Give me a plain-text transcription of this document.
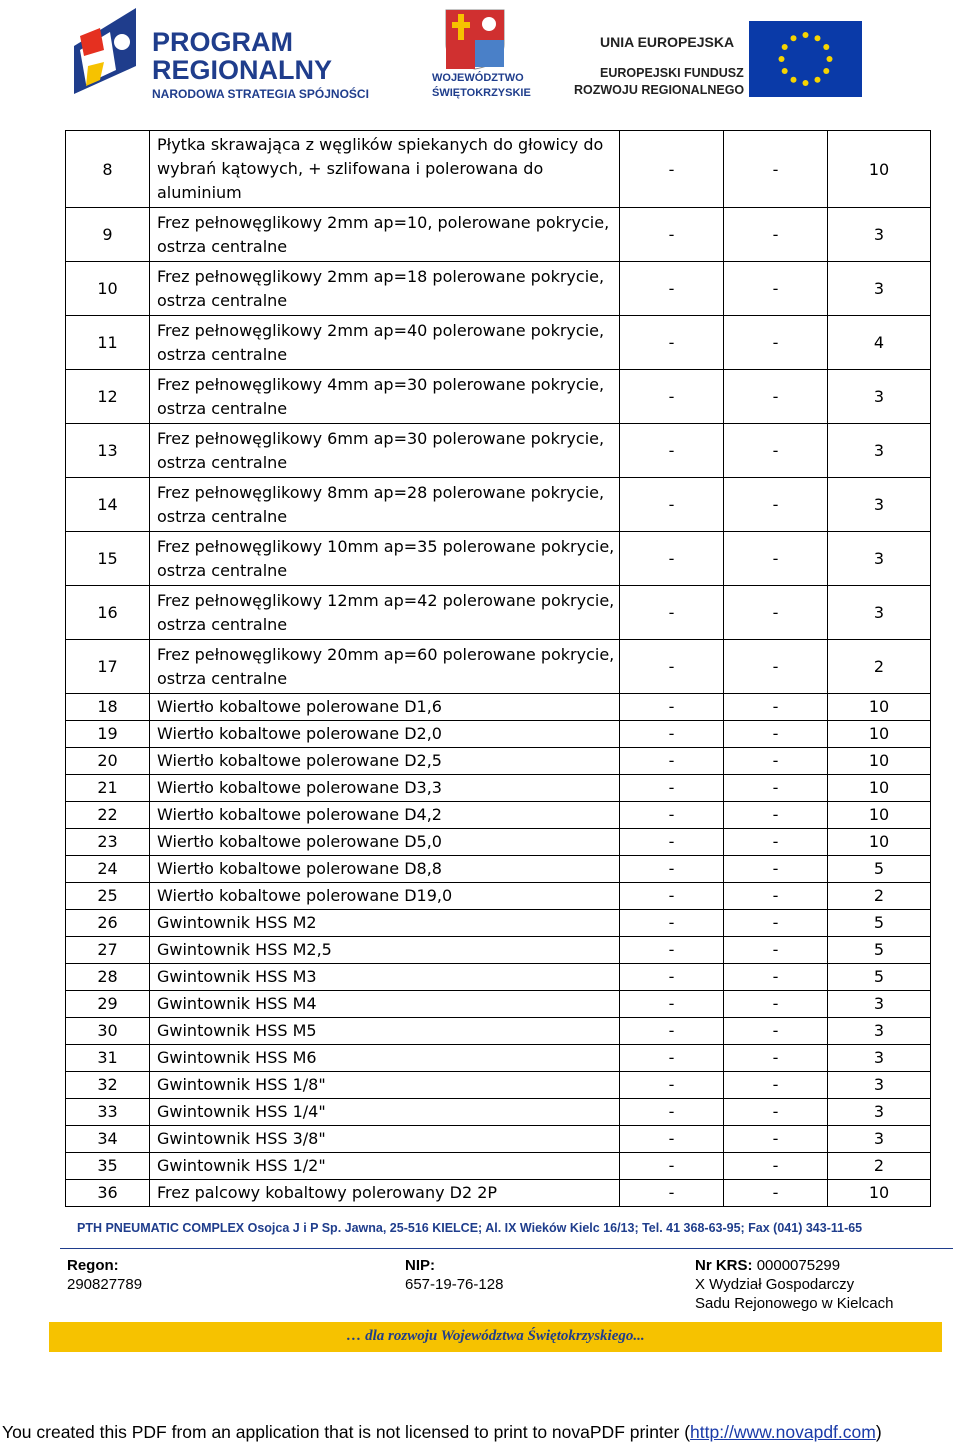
PROGRAM
REGIONALNY
NARODOWA STRATEGIA SPÓJNOŚCI
WOJEWÓDZTWO
ŚWIĘTOKRZYSKIE
UNIA EUROPEJSKA
EUROPEJSKI FUNDUSZ
ROZWOJU REGIONALNEGO
8	Płytka skrawająca z węglików spiekanych do głowicy do wybrań kątowych, + szlifowana i polerowana do aluminium	-	-	10
9	Frez pełnowęglikowy 2mm ap=10, polerowane pokrycie, ostrza centralne	-	-	3
10	Frez pełnowęglikowy 2mm ap=18 polerowane pokrycie, ostrza centralne	-	-	3
11	Frez pełnowęglikowy 2mm ap=40 polerowane pokrycie, ostrza centralne	-	-	4
12	Frez pełnowęglikowy 4mm ap=30 polerowane pokrycie, ostrza centralne	-	-	3
13	Frez pełnowęglikowy 6mm ap=30 polerowane pokrycie, ostrza centralne	-	-	3
14	Frez pełnowęglikowy 8mm ap=28 polerowane pokrycie, ostrza centralne	-	-	3
15	Frez pełnowęglikowy 10mm ap=35 polerowane pokrycie, ostrza centralne	-	-	3
16	Frez pełnowęglikowy 12mm ap=42 polerowane pokrycie, ostrza centralne	-	-	3
17	Frez pełnowęglikowy 20mm ap=60 polerowane pokrycie, ostrza centralne	-	-	2
18	Wiertło kobaltowe polerowane D1,6	-	-	10
19	Wiertło kobaltowe polerowane D2,0	-	-	10
20	Wiertło kobaltowe polerowane D2,5	-	-	10
21	Wiertło kobaltowe polerowane D3,3	-	-	10
22	Wiertło kobaltowe polerowane D4,2	-	-	10
23	Wiertło kobaltowe polerowane D5,0	-	-	10
24	Wiertło kobaltowe polerowane D8,8	-	-	5
25	Wiertło kobaltowe polerowane D19,0	-	-	2
26	Gwintownik HSS M2	-	-	5
27	Gwintownik HSS M2,5	-	-	5
28	Gwintownik HSS M3	-	-	5
29	Gwintownik HSS M4	-	-	3
30	Gwintownik HSS M5	-	-	3
31	Gwintownik HSS M6	-	-	3
32	Gwintownik HSS 1/8"	-	-	3
33	Gwintownik HSS 1/4"	-	-	3
34	Gwintownik HSS 3/8"	-	-	3
35	Gwintownik HSS 1/2"	-	-	2
36	Frez palcowy kobaltowy polerowany D2 2P	-	-	10
PTH PNEUMATIC COMPLEX Osojca J i P Sp. Jawna, 25-516 KIELCE; Al. IX Wieków Kielc 16/13; Tel. 41 368-63-95; Fax (041) 343-11-65
Regon:
290827789
NIP:
657-19-76-128
Nr KRS: 0000075299
X Wydział Gospodarczy
Sadu Rejonowego w Kielcach
… dla rozwoju Województwa Świętokrzyskiego...
You created this PDF from an application that is not licensed to print to novaPDF printer (http://www.novapdf.com)
